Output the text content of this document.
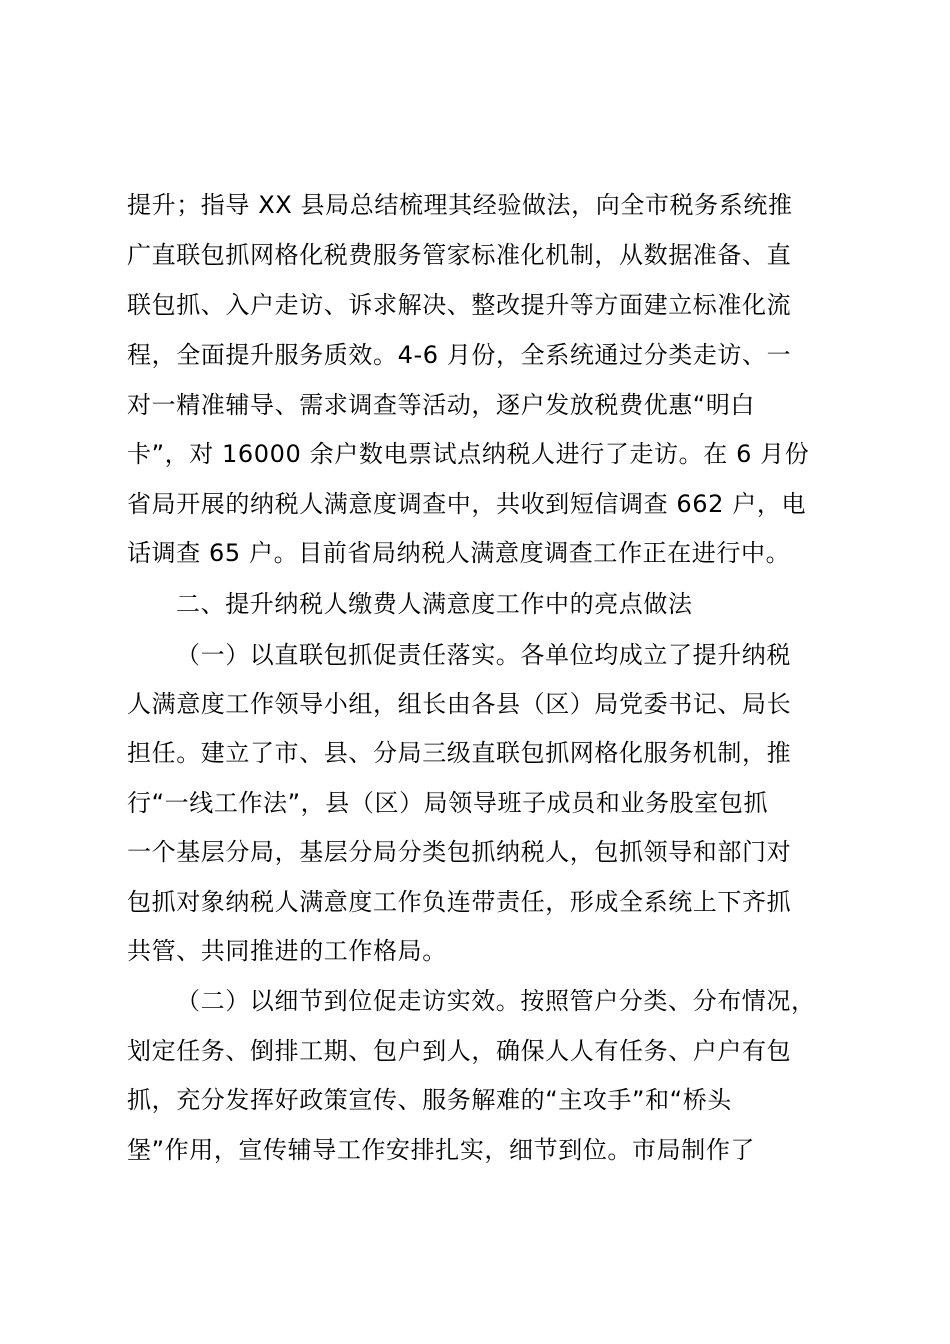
提升；指导 XX 县局总结梳理其经验做法，向全市税务系统推
广直联包抓网格化税费服务管家标准化机制，从数据准备、直
联包抓、入户走访、诉求解决、整改提升等方面建立标准化流
程，全面提升服务质效。4-6 月份，全系统通过分类走访、一
对一精准辅导、需求调查等活动，逐户发放税费优惠“明白
卡”，对 16000 余户数电票试点纳税人进行了走访。在 6 月份
省局开展的纳税人满意度调查中，共收到短信调查 662 户，电
话调查 65 户。目前省局纳税人满意度调查工作正在进行中。
二、提升纳税人缴费人满意度工作中的亮点做法
（一）以直联包抓促责任落实。各单位均成立了提升纳税
人满意度工作领导小组，组长由各县（区）局党委书记、局长
担任。建立了市、县、分局三级直联包抓网格化服务机制，推
行“一线工作法”，县（区）局领导班子成员和业务股室包抓
一个基层分局，基层分局分类包抓纳税人，包抓领导和部门对
包抓对象纳税人满意度工作负连带责任，形成全系统上下齐抓
共管、共同推进的工作格局。
（二）以细节到位促走访实效。按照管户分类、分布情况，
划定任务、倒排工期、包户到人，确保人人有任务、户户有包
抓，充分发挥好政策宣传、服务解难的“主攻手”和“桥头
堡”作用，宣传辅导工作安排扎实，细节到位。市局制作了
